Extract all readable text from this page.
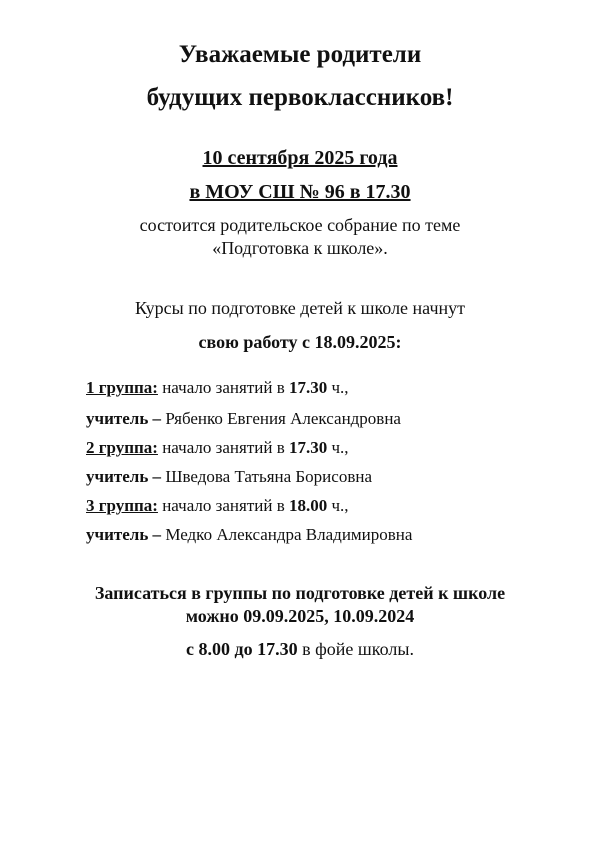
Уважаемые родители
будущих первоклассников!
10 сентября 2025 года
в МОУ СШ № 96 в 17.30
состоится родительское собрание по теме
«Подготовка к школе».
Курсы по подготовке детей к школе начнут
свою работу с 18.09.2025:
1 группа: начало занятий в 17.30 ч.,
учитель – Рябенко Евгения Александровна
2 группа: начало занятий в 17.30 ч.,
учитель – Шведова Татьяна Борисовна
3 группа: начало занятий в 18.00 ч.,
учитель – Медко Александра Владимировна
Записаться в группы по подготовке детей к школе
можно 09.09.2025, 10.09.2024
с 8.00 до 17.30 в фойе школы.
